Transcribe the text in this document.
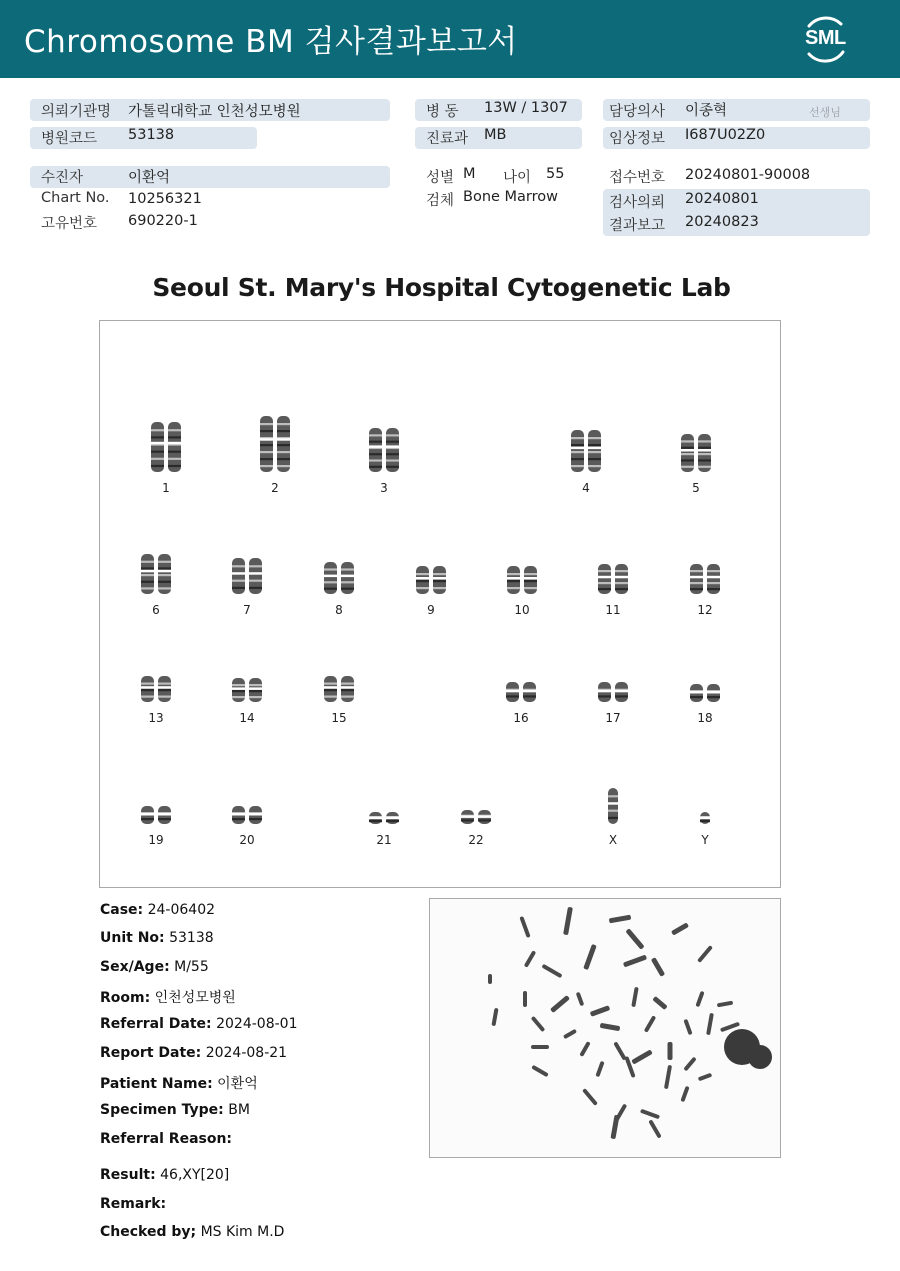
Chromosome BM 검사결과보고서	SML
의뢰기관명 가톨릭대학교 인천성모병원
병원코드 53138
수진자	이환억
Chart No. 10256321
고유번호 690220-1
병 동 13W / 1307
진료과 MB
성별 M 나이 55
검체 Bone Marrow
담당의사 이종혁	선생님
임상정보 I687U02Z0
접수번호 20240801-90008
검사의뢰 20240801
결과보고 20240823
Seoul St. Mary's Hospital Cytogenetic Lab
1	2	3	4	5
6	7	8	9	10	11	12
13	14	15	16	17	18
19	20	21	22	X	Y
Case: 24-06402
Unit No: 53138
Sex/Age: M/55
Room: 인천성모병원
Referral Date: 2024-08-01
Report Date: 2024-08-21
Patient Name: 이환억
Specimen Type: BM
Referral Reason:
Result: 46,XY[20]
Remark:
Checked by; MS Kim M.D
